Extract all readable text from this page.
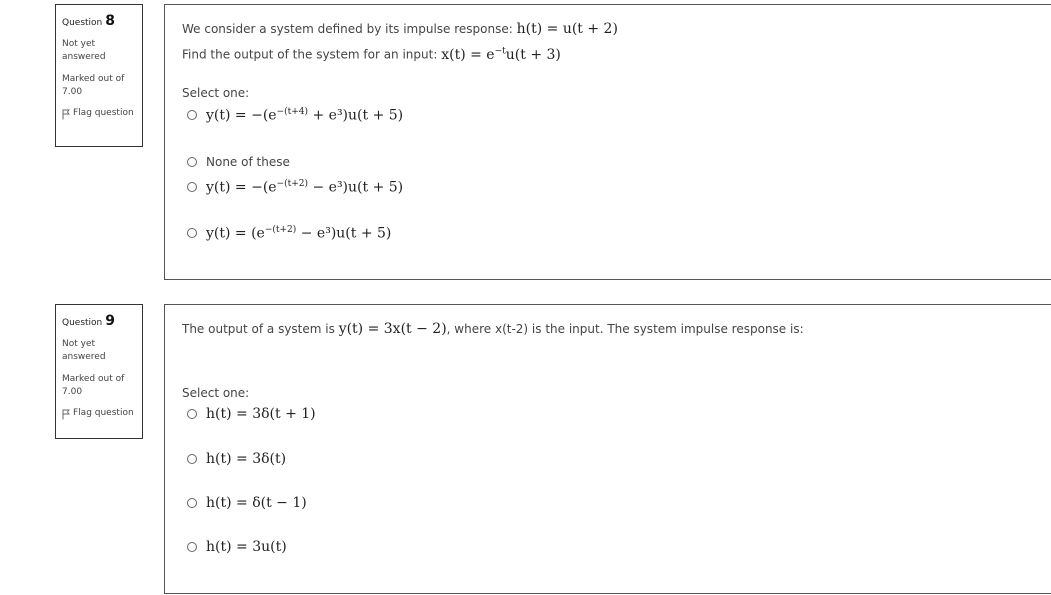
Question 8
Not yet answered
Marked out of 7.00
Flag question
We consider a system defined by its impulse response: h(t) = u(t + 2)
Find the output of the system for an input: $x(t) = e^{-t}u(t + 3)$
Select one:
$y(t) = -(e^{-(t+4)} + e^3)u(t + 5)$
None of these
$y(t) = -(e^{-(t+2)} - e^3)u(t + 5)$
$y(t) = (e^{-(t+2)} - e^3)u(t + 5)$
Question 9
Not yet answered
Marked out of 7.00
Flag question
The output of a system is y(t) = 3x(t − 2), where x(t-2) is the input. The system impulse response is:
Select one:
h(t) = 3δ(t + 1)
h(t) = 3δ(t)
h(t) = δ(t − 1)
h(t) = 3u(t)
